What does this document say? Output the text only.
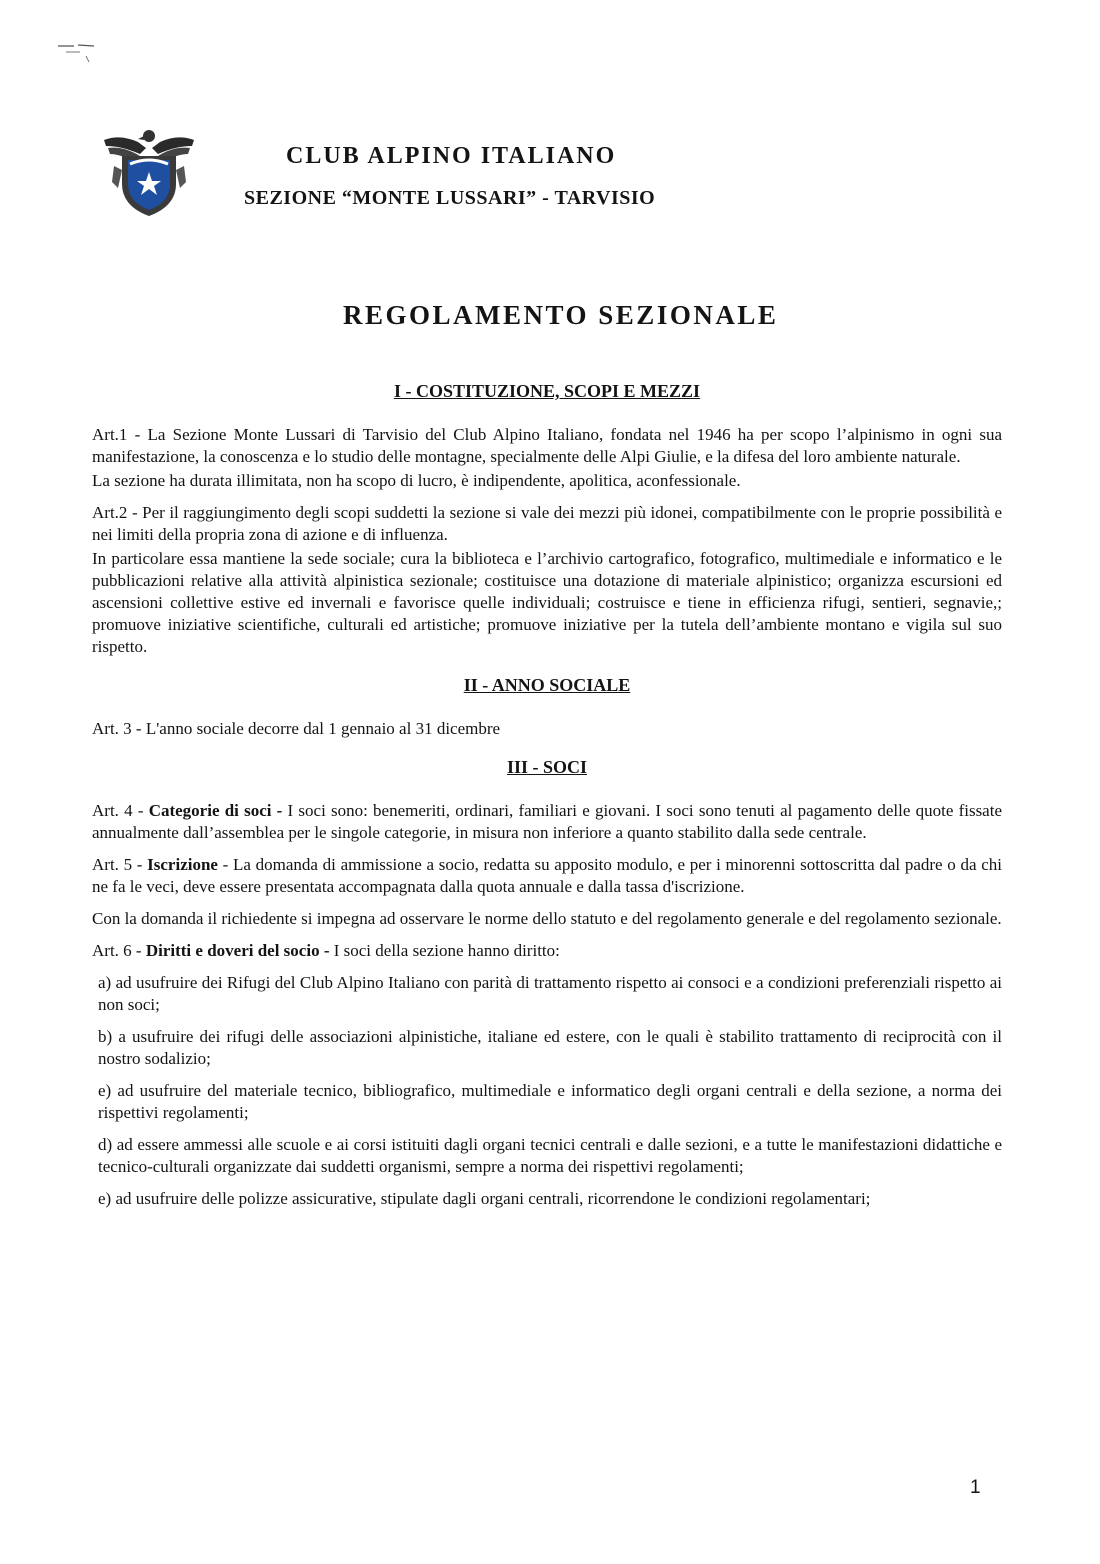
CLUB ALPINO ITALIANO
SEZIONE “MONTE LUSSARI” - TARVISIO
REGOLAMENTO SEZIONALE
I - COSTITUZIONE, SCOPI E MEZZI

Art.1 - La Sezione Monte Lussari di Tarvisio del Club Alpino Italiano, fondata nel 1946 ha per scopo l’alpinismo in ogni sua manifestazione, la conoscenza e lo studio delle montagne, specialmente delle Alpi Giulie, e la difesa del loro ambiente naturale.

La sezione ha durata illimitata, non ha scopo di lucro, è indipendente, apolitica, aconfessionale.

Art.2 - Per il raggiungimento degli scopi suddetti la sezione si vale dei mezzi più idonei, compatibilmente con le proprie possibilità e nei limiti della propria zona di azione e di influenza.

In particolare essa mantiene la sede sociale; cura la biblioteca e l’archivio cartografico, fotografico, multimediale e informatico e le pubblicazioni relative alla attività alpinistica sezionale; costituisce una dotazione di materiale alpinistico; organizza escursioni ed ascensioni collettive estive ed invernali e favorisce quelle individuali; costruisce e tiene in efficienza rifugi, sentieri, segnavie,; promuove iniziative scientifiche, culturali ed artistiche; promuove iniziative per la tutela dell’ambiente montano e vigila sul suo rispetto.

II - ANNO SOCIALE

Art. 3 - L'anno sociale decorre dal 1 gennaio al 31 dicembre

III - SOCI

Art. 4 - Categorie di soci - I soci sono: benemeriti, ordinari, familiari e giovani. I soci sono tenuti al pagamento delle quote fissate annualmente dall’assemblea per le singole categorie, in misura non inferiore a quanto stabilito dalla sede centrale.

Art. 5 - Iscrizione - La domanda di ammissione a socio, redatta su apposito modulo, e per i minorenni sottoscritta dal padre o da chi ne fa le veci, deve essere presentata accompagnata dalla quota annuale e dalla tassa d'iscrizione.

Con la domanda il richiedente si impegna ad osservare le norme dello statuto e del regolamento generale e del regolamento sezionale.

Art. 6 - Diritti e doveri del socio - I soci della sezione hanno diritto:

a) ad usufruire dei Rifugi del Club Alpino Italiano con parità di trattamento rispetto ai consoci e a condizioni preferenziali rispetto ai non soci;

b) a usufruire dei rifugi delle associazioni alpinistiche, italiane ed estere, con le quali è stabilito trattamento di reciprocità con il nostro sodalizio;

e) ad usufruire del materiale tecnico, bibliografico, multimediale e informatico degli organi centrali e della sezione, a norma dei rispettivi regolamenti;

d) ad essere ammessi alle scuole e ai corsi istituiti dagli organi tecnici centrali e dalle sezioni, e a tutte le manifestazioni didattiche e tecnico-culturali organizzate dai suddetti organismi, sempre a norma dei rispettivi regolamenti;

e) ad usufruire delle polizze assicurative, stipulate dagli organi centrali, ricorrendone le condizioni regolamentari;

1
